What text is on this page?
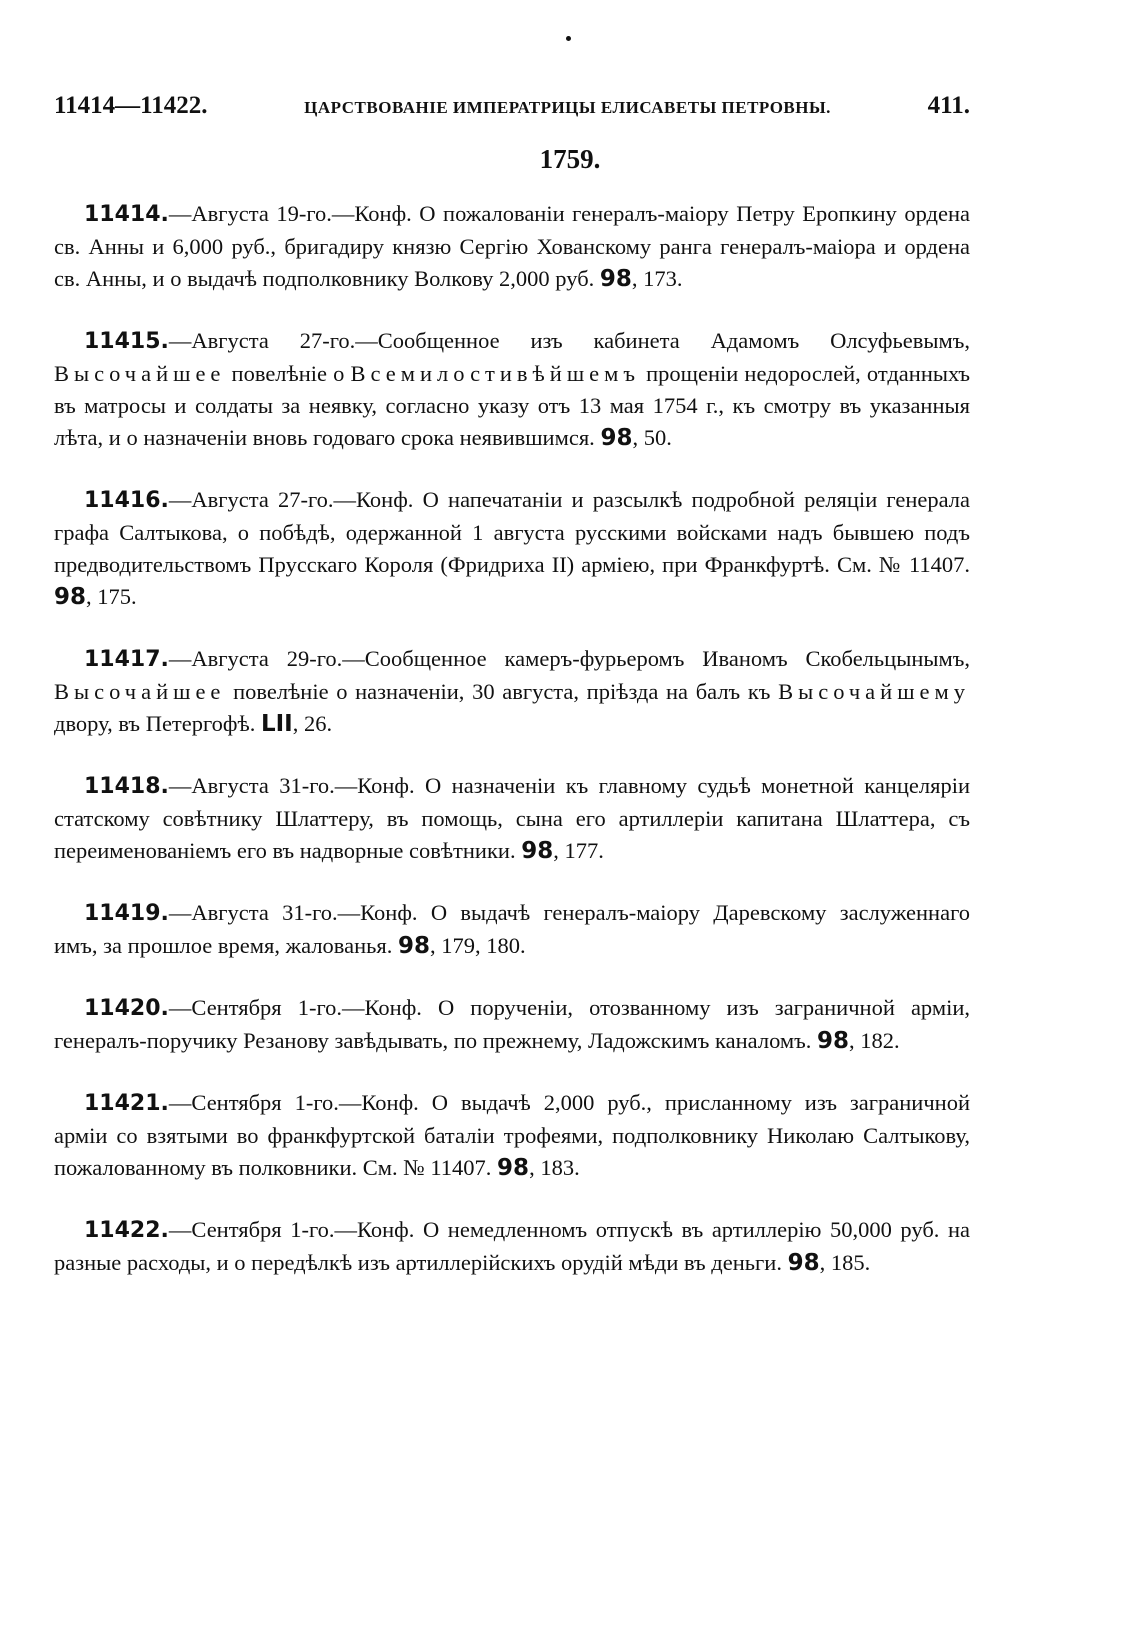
11414—11422.	ЦАРСТВОВАНІЕ ИМПЕРАТРИЦЫ ЕЛИСАВЕТЫ ПЕТРОВНЫ.	411.
1759.

11414.—Августа 19-го.—Конф. О пожалованіи генералъ-маіору Петру Еропкину ордена св. Анны и 6,000 руб., бригадиру князю Сергію Хованскому ранга генералъ-маіора и ордена св. Анны, и о выдачѣ подполковнику Волкову 2,000 руб. 98, 173.

11415.—Августа 27-го.—Сообщенное изъ кабинета Адамомъ Олсуфьевымъ, Высочайшее повелѣніе о Всемилостивѣйшемъ прощеніи недорослей, отданныхъ въ матросы и солдаты за неявку, согласно указу отъ 13 мая 1754 г., къ смотру въ указанныя лѣта, и о назначеніи вновь годоваго срока неявившимся. 98, 50.

11416.—Августа 27-го.—Конф. О напечатаніи и разсылкѣ подробной реляціи генерала графа Салтыкова, о побѣдѣ, одержанной 1 августа русскими войсками надъ бывшею подъ предводительствомъ Прусскаго Короля (Фридриха II) арміею, при Франкфуртѣ. См. № 11407. 98, 175.

11417.—Августа 29-го.—Сообщенное камеръ-фурьеромъ Иваномъ Скобельцынымъ, Высочайшее повелѣніе о назначеніи, 30 августа, пріѣзда на балъ къ Высочайшему двору, въ Петергофѣ. LII, 26.

11418.—Августа 31-го.—Конф. О назначеніи къ главному судьѣ монетной канцеляріи статскому совѣтнику Шлаттеру, въ помощь, сына его артиллеріи капитана Шлаттера, съ переименованіемъ его въ надворные совѣтники. 98, 177.

11419.—Августа 31-го.—Конф. О выдачѣ генералъ-маіору Даревскому заслуженнаго имъ, за прошлое время, жалованья. 98, 179, 180.

11420.—Сентября 1-го.—Конф. О порученіи, отозванному изъ заграничной арміи, генералъ-поручику Резанову завѣдывать, по прежнему, Ладожскимъ каналомъ. 98, 182.

11421.—Сентября 1-го.—Конф. О выдачѣ 2,000 руб., присланному изъ заграничной арміи со взятыми во франкфуртской баталіи трофеями, подполковнику Николаю Салтыкову, пожалованному въ полковники. См. № 11407. 98, 183.

11422.—Сентября 1-го.—Конф. О немедленномъ отпускѣ въ артиллерію 50,000 руб. на разные расходы, и о передѣлкѣ изъ артиллерійскихъ орудій мѣди въ деньги. 98, 185.
